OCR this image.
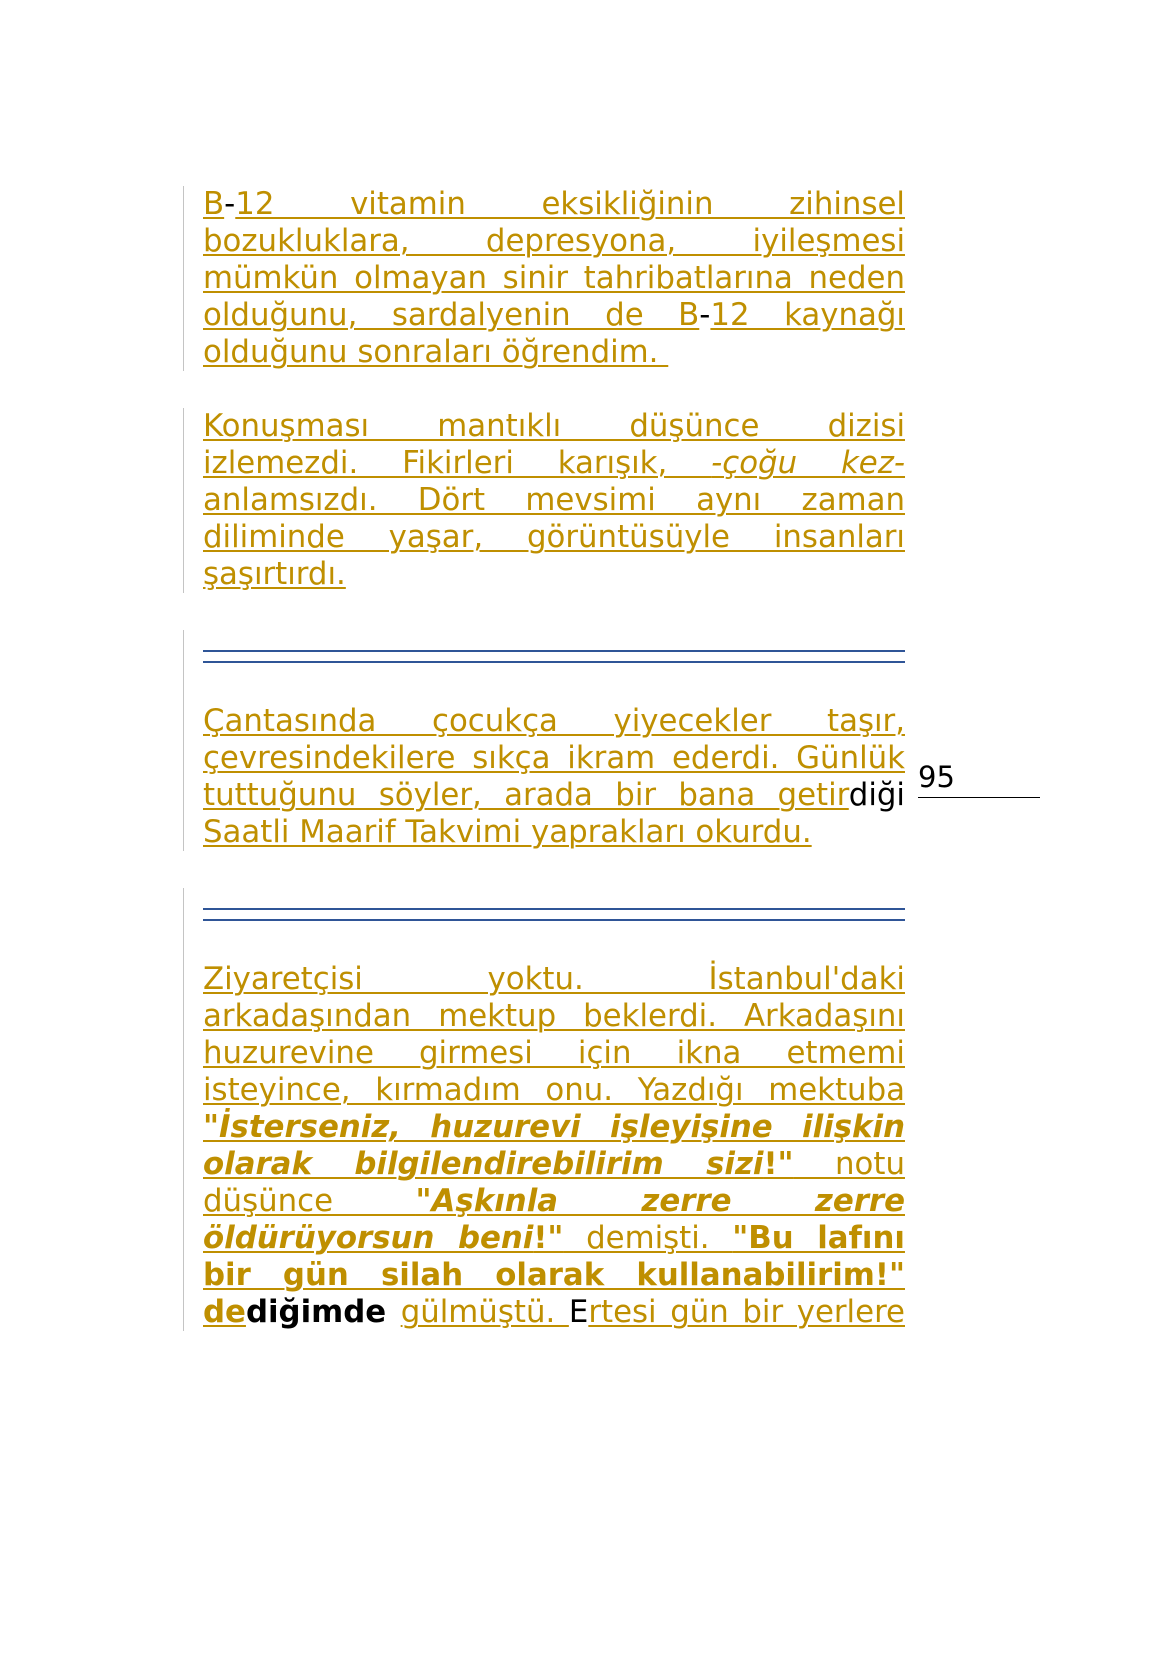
B-12 vitamin eksikliğinin zihinsel
bozukluklara, depresyona, iyileşmesi
mümkün olmayan sinir tahribatlarına neden
olduğunu, sardalyenin de B-12 kaynağı
olduğunu sonraları öğrendim.
Konuşması mantıklı düşünce dizisi
izlemezdi. Fikirleri karışık, -çoğu kez-
anlamsızdı. Dört mevsimi aynı zaman
diliminde yaşar, görüntüsüyle insanları
şaşırtırdı.
Çantasında çocukça yiyecekler taşır,
çevresindekilere sıkça ikram ederdi. Günlük
tuttuğunu söyler, arada bir bana getirdiği
Saatli Maarif Takvimi yaprakları okurdu.
95
Ziyaretçisi yoktu. İstanbul'daki
arkadaşından mektup beklerdi. Arkadaşını
huzurevine girmesi için ikna etmemi
isteyince, kırmadım onu. Yazdığı mektuba
"İsterseniz, huzurevi işleyişine ilişkin
olarak bilgilendirebilirim sizi!" notu
düşünce "Aşkınla zerre zerre
öldürüyorsun beni!" demişti. "Bu lafını
bir gün silah olarak kullanabilirim!"
dediğimde gülmüştü. Ertesi gün bir yerlere
